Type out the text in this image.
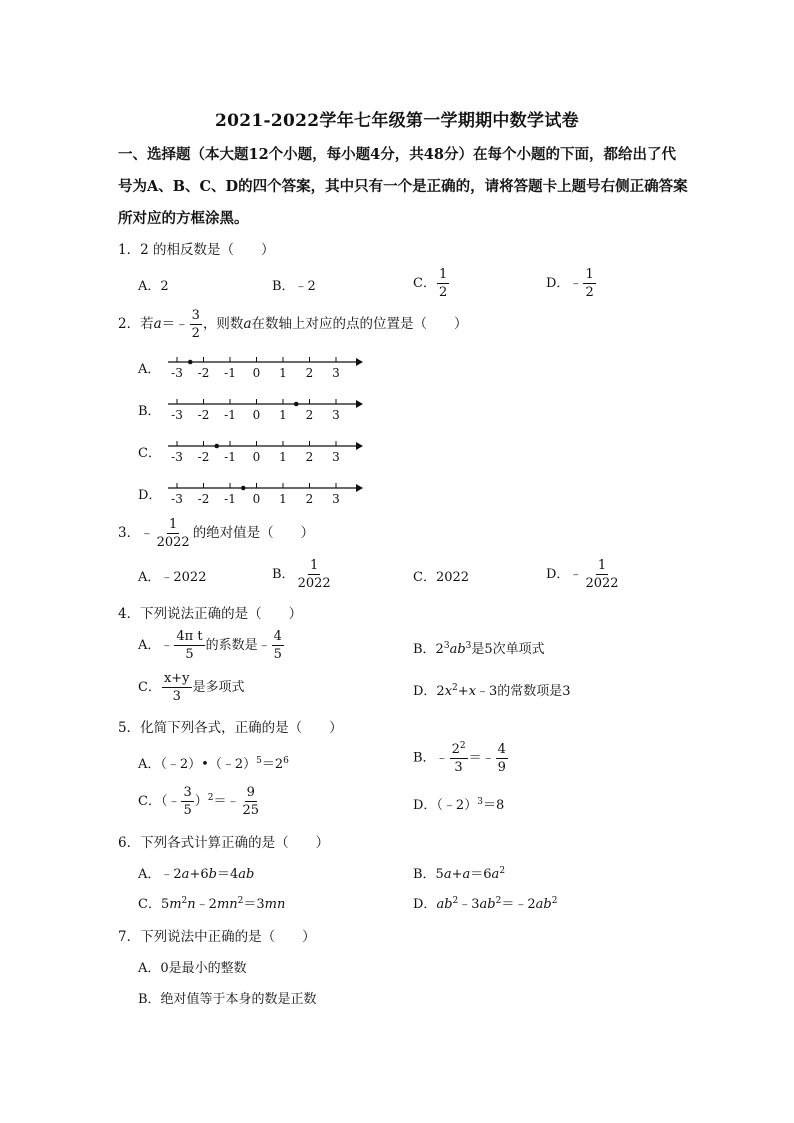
2021-2022学年七年级第一学期期中数学试卷
一、选择题（本大题12个小题，每小题4分，共48分）在每个小题的下面，都给出了代号为A、B、C、D的四个答案，其中只有一个是正确的，请将答题卡上题号右侧正确答案所对应的方框涂黑。
1．2 的相反数是（　　）
A．2	B．﹣2	C． $\frac{1}{2}$	D．﹣ $\frac{1}{2}$
2．若a＝﹣ $\frac{3}{2}$ ，则数a在数轴上对应的点的位置是（　　）
A．
B．
C．
D．
-3 -2 -1 0 1 2 3
-3 -2 -1 0 1 2 3
-3 -2 -1 0 1 2 3
-3 -2 -1 0 1 2 3
3．﹣ $\frac{1}{2022}$ 的绝对值是（　　）
A．﹣2022	B． $\frac{1}{2022}$	C．2022	D．﹣ $\frac{1}{2022}$
4．下列说法正确的是（　　）
A．﹣ $\frac{\text{4π t}}{5}$ 的系数是﹣ $\frac{4}{5}$	B．$2^3ab^3$是5次单项式
C． $\frac{x+y}{3}$ 是多项式	D．$2x^2+x﹣3$的常数项是3
5．化简下列各式，正确的是（　　）
A．$(﹣2)•(﹣2)^5=2^6$	B．﹣ $\frac{2^2}{3}$ ＝﹣ $\frac{4}{9}$
C．（﹣ $\frac{3}{5}$ ）$^2$＝﹣ $\frac{9}{25}$	D．（﹣2）$^3$＝8
6．下列各式计算正确的是（　　）
A．﹣2a+6b＝4ab	B．$5a+a=6a^2$
C．$5m^2n﹣2mn^2=3mn$	D．$ab^2﹣3ab^2=﹣2ab^2$
7．下列说法中正确的是（　　）
A．0是最小的整数
B．绝对值等于本身的数是正数
